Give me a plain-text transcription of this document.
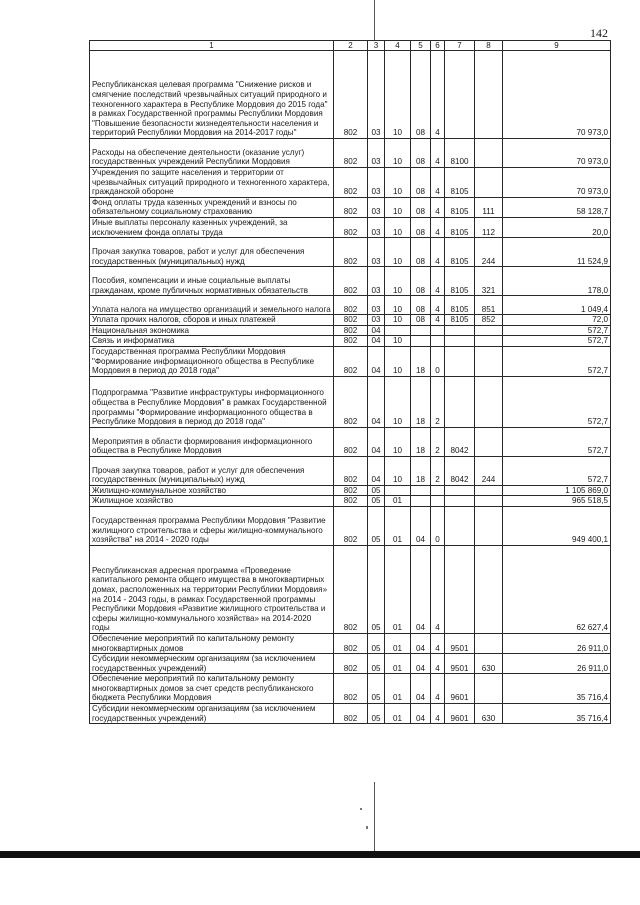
142
1	2	3	4	5	6	7	8	9
Республиканская целевая программа "Снижение рисков и смягчение последствий чрезвычайных ситуаций природного и техногенного характера в Республике Мордовия до 2015 года" в рамках Государственной программы Республики Мордовия "Повышение безопасности жизнедеятельности населения и территорий Республики Мордовия на 2014-2017 годы"	802	03	10	08	4			70 973,0
Расходы на обеспечение деятельности (оказание услуг) государственных учреждений Республики Мордовия	802	03	10	08	4	8100		70 973,0
Учреждения по защите населения и территории от чрезвычайных ситуаций природного и техногенного характера, гражданской обороне	802	03	10	08	4	8105		70 973,0
Фонд оплаты труда казенных учреждений и взносы по обязательному социальному страхованию	802	03	10	08	4	8105	111	58 128,7
Иные выплаты персоналу казенных учреждений, за исключением фонда оплаты труда	802	03	10	08	4	8105	112	20,0
Прочая закупка товаров, работ и услуг для обеспечения государственных (муниципальных) нужд	802	03	10	08	4	8105	244	11 524,9
Пособия, компенсации и иные социальные выплаты гражданам, кроме публичных нормативных обязательств	802	03	10	08	4	8105	321	178,0
Уплата налога на имущество организаций и земельного налога	802	03	10	08	4	8105	851	1 049,4
Уплата прочих налогов, сборов и иных платежей	802	03	10	08	4	8105	852	72,0
Национальная экономика	802	04						572,7
Связь и информатика	802	04	10					572,7
Государственная программа Республики Мордовия "Формирование информационного общества в Республике Мордовия в период до 2018 года"	802	04	10	18	0			572,7
Подпрограмма "Развитие инфраструктуры информационного общества в Республике Мордовия" в рамках Государственной программы "Формирование информационного общества в Республике Мордовия в период до 2018 года"	802	04	10	18	2			572,7
Мероприятия в области формирования информационного общества в Республике Мордовия	802	04	10	18	2	8042		572,7
Прочая закупка товаров, работ и услуг для обеспечения государственных (муниципальных) нужд	802	04	10	18	2	8042	244	572,7
Жилищно-коммунальное хозяйство	802	05						1 105 869,0
Жилищное хозяйство	802	05	01					965 518,5
Государственная программа Республики Мордовия "Развитие жилищного строительства и сферы жилищно-коммунального хозяйства" на 2014 - 2020 годы	802	05	01	04	0			949 400,1
Республиканская адресная программа «Проведение капитального ремонта общего имущества в многоквартирных домах, расположенных на территории Республики Мордовия» на 2014 - 2043 годы, в рамках Государственной программы Республики Мордовия «Развитие жилищного строительства и сферы жилищно-коммунального хозяйства» на 2014-2020 годы	802	05	01	04	4			62 627,4
Обеспечение мероприятий по капитальному ремонту многоквартирных домов	802	05	01	04	4	9501		26 911,0
Субсидии некоммерческим организациям (за исключением государственных учреждений)	802	05	01	04	4	9501	630	26 911,0
Обеспечение мероприятий по капитальному ремонту многоквартирных домов за счет средств республиканского бюджета Республики Мордовия	802	05	01	04	4	9601		35 716,4
Субсидии некоммерческим организациям (за исключением государственных учреждений)	802	05	01	04	4	9601	630	35 716,4
